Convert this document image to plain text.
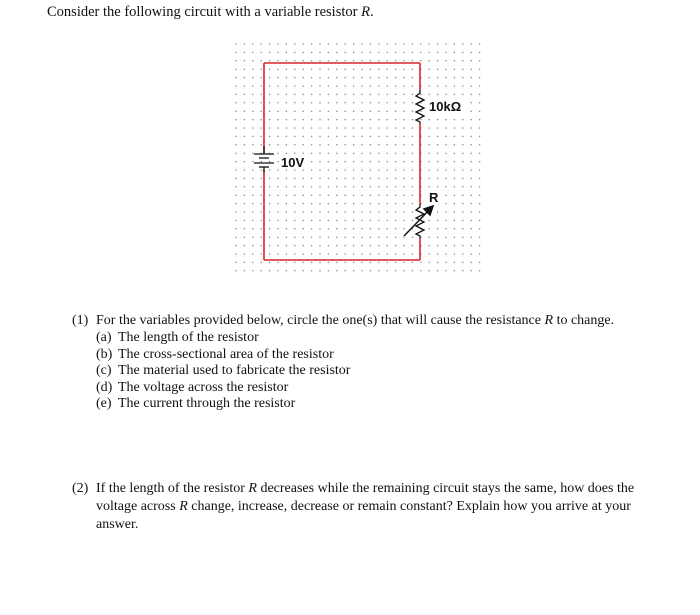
Consider the following circuit with a variable resistor R.
10V
10kΩ
R
(1) For the variables provided below, circle the one(s) that will cause the resistance R to change.
(a) The length of the resistor
(b) The cross-sectional area of the resistor
(c) The material used to fabricate the resistor
(d) The voltage across the resistor
(e) The current through the resistor
(2) If the length of the resistor R decreases while the remaining circuit stays the same, how does the voltage across R change, increase, decrease or remain constant? Explain how you arrive at your answer.
